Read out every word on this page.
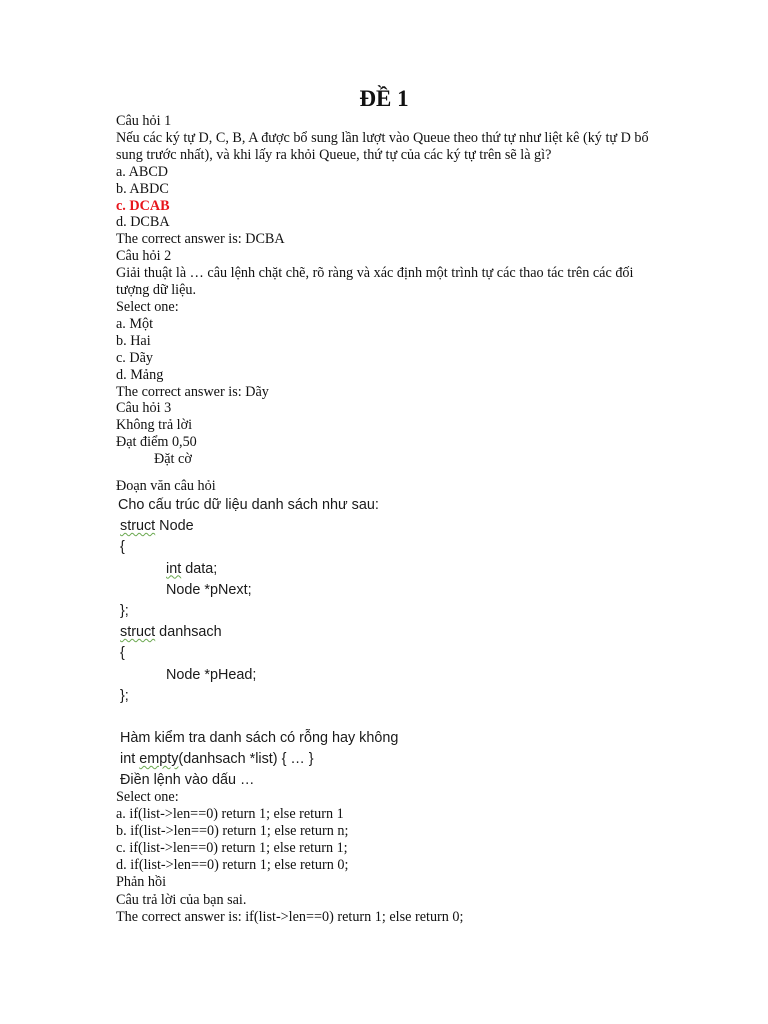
ĐỀ 1

Câu hỏi 1

Nếu các ký tự D, C, B, A được bổ sung lần lượt vào Queue theo thứ tự như liệt kê (ký tự D bổ sung trước nhất), và khi lấy ra khỏi Queue, thứ tự của các ký tự trên sẽ là gì?

a. ABCD

b. ABDC

c. DCAB

d. DCBA

The correct answer is: DCBA

Câu hỏi 2

Giải thuật là … câu lệnh chặt chẽ, rõ ràng và xác định một trình tự các thao tác trên các đối tượng dữ liệu.

Select one:

a. Một

b. Hai

c. Dãy

d. Mảng

The correct answer is: Dãy

Câu hỏi 3

Không trả lời

Đạt điểm 0,50

Đặt cờ

Đoạn văn câu hỏi

Cho cấu trúc dữ liệu danh sách như sau:

struct Node

{

int data;

Node *pNext;

};

struct danhsach

{

Node *pHead;

};

Hàm kiểm tra danh sách có rỗng hay không

int empty(danhsach *list) { … }

Điền lệnh vào dấu …

Select one:

a. if(list->len==0) return 1; else return 1

b. if(list->len==0) return 1; else return n;

c. if(list->len==0) return 1; else return 1;

d. if(list->len==0) return 1; else return 0;

Phản hồi

Câu trả lời của bạn sai.

The correct answer is: if(list->len==0) return 1; else return 0;
